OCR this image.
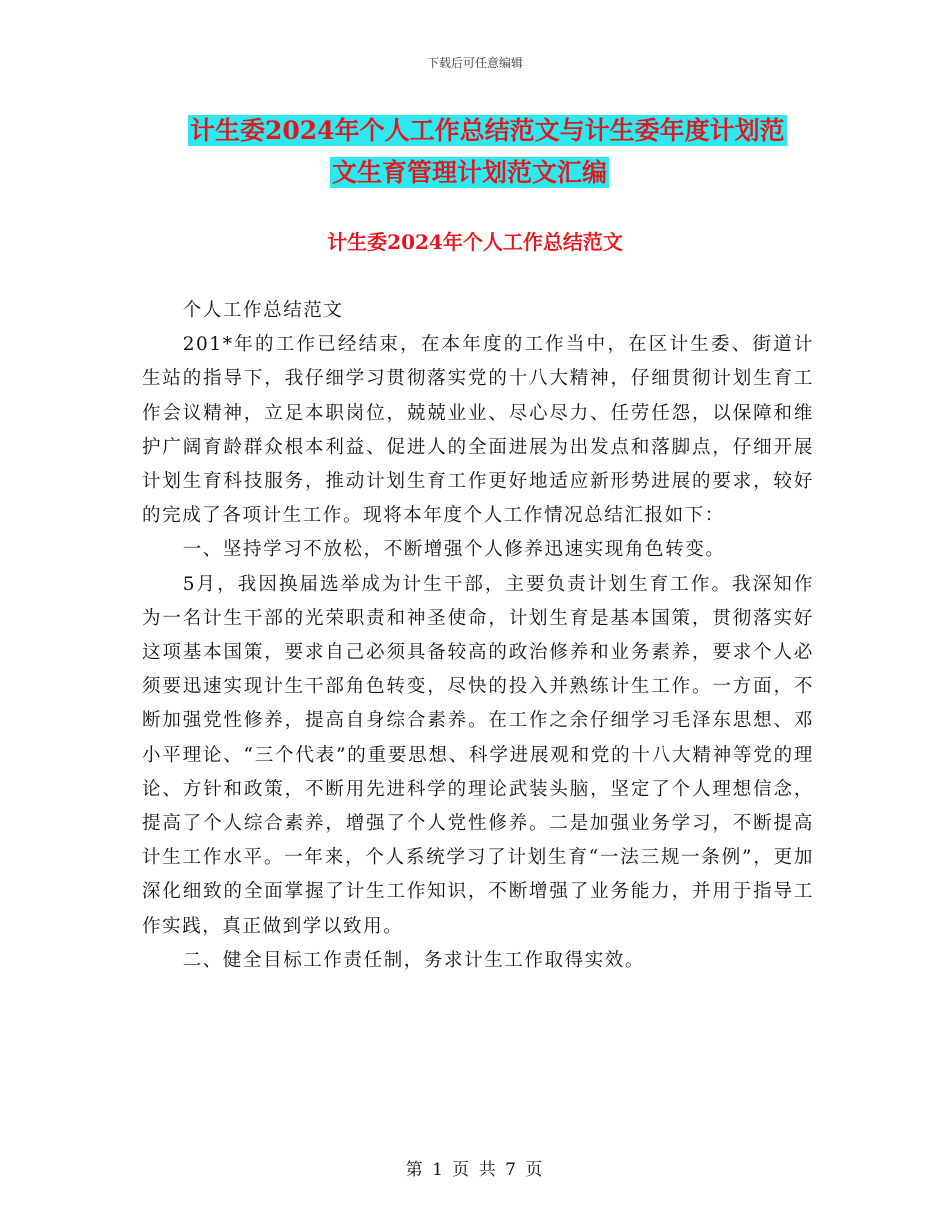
下载后可任意编辑
计生委2024年个人工作总结范文与计生委年度计划范
文生育管理计划范文汇编
计生委2024年个人工作总结范文

个人工作总结范文

201*年的工作已经结束，在本年度的工作当中，在区计生委、街道计生站的指导下，我仔细学习贯彻落实党的十八大精神，仔细贯彻计划生育工作会议精神，立足本职岗位，兢兢业业、尽心尽力、任劳任怨，以保障和维护广阔育龄群众根本利益、促进人的全面进展为出发点和落脚点，仔细开展计划生育科技服务，推动计划生育工作更好地适应新形势进展的要求，较好的完成了各项计生工作。现将本年度个人工作情况总结汇报如下：

一、坚持学习不放松，不断增强个人修养迅速实现角色转变。

5月，我因换届选举成为计生干部，主要负责计划生育工作。我深知作为一名计生干部的光荣职责和神圣使命，计划生育是基本国策，贯彻落实好这项基本国策，要求自己必须具备较高的政治修养和业务素养，要求个人必须要迅速实现计生干部角色转变，尽快的投入并熟练计生工作。一方面，不断加强党性修养，提高自身综合素养。在工作之余仔细学习毛泽东思想、邓小平理论、“三个代表”的重要思想、科学进展观和党的十八大精神等党的理论、方针和政策，不断用先进科学的理论武装头脑，坚定了个人理想信念，提高了个人综合素养，增强了个人党性修养。二是加强业务学习，不断提高计生工作水平。一年来，个人系统学习了计划生育“一法三规一条例”，更加深化细致的全面掌握了计生工作知识，不断增强了业务能力，并用于指导工作实践，真正做到学以致用。

二、健全目标工作责任制，务求计生工作取得实效。

第 1 页 共 7 页
